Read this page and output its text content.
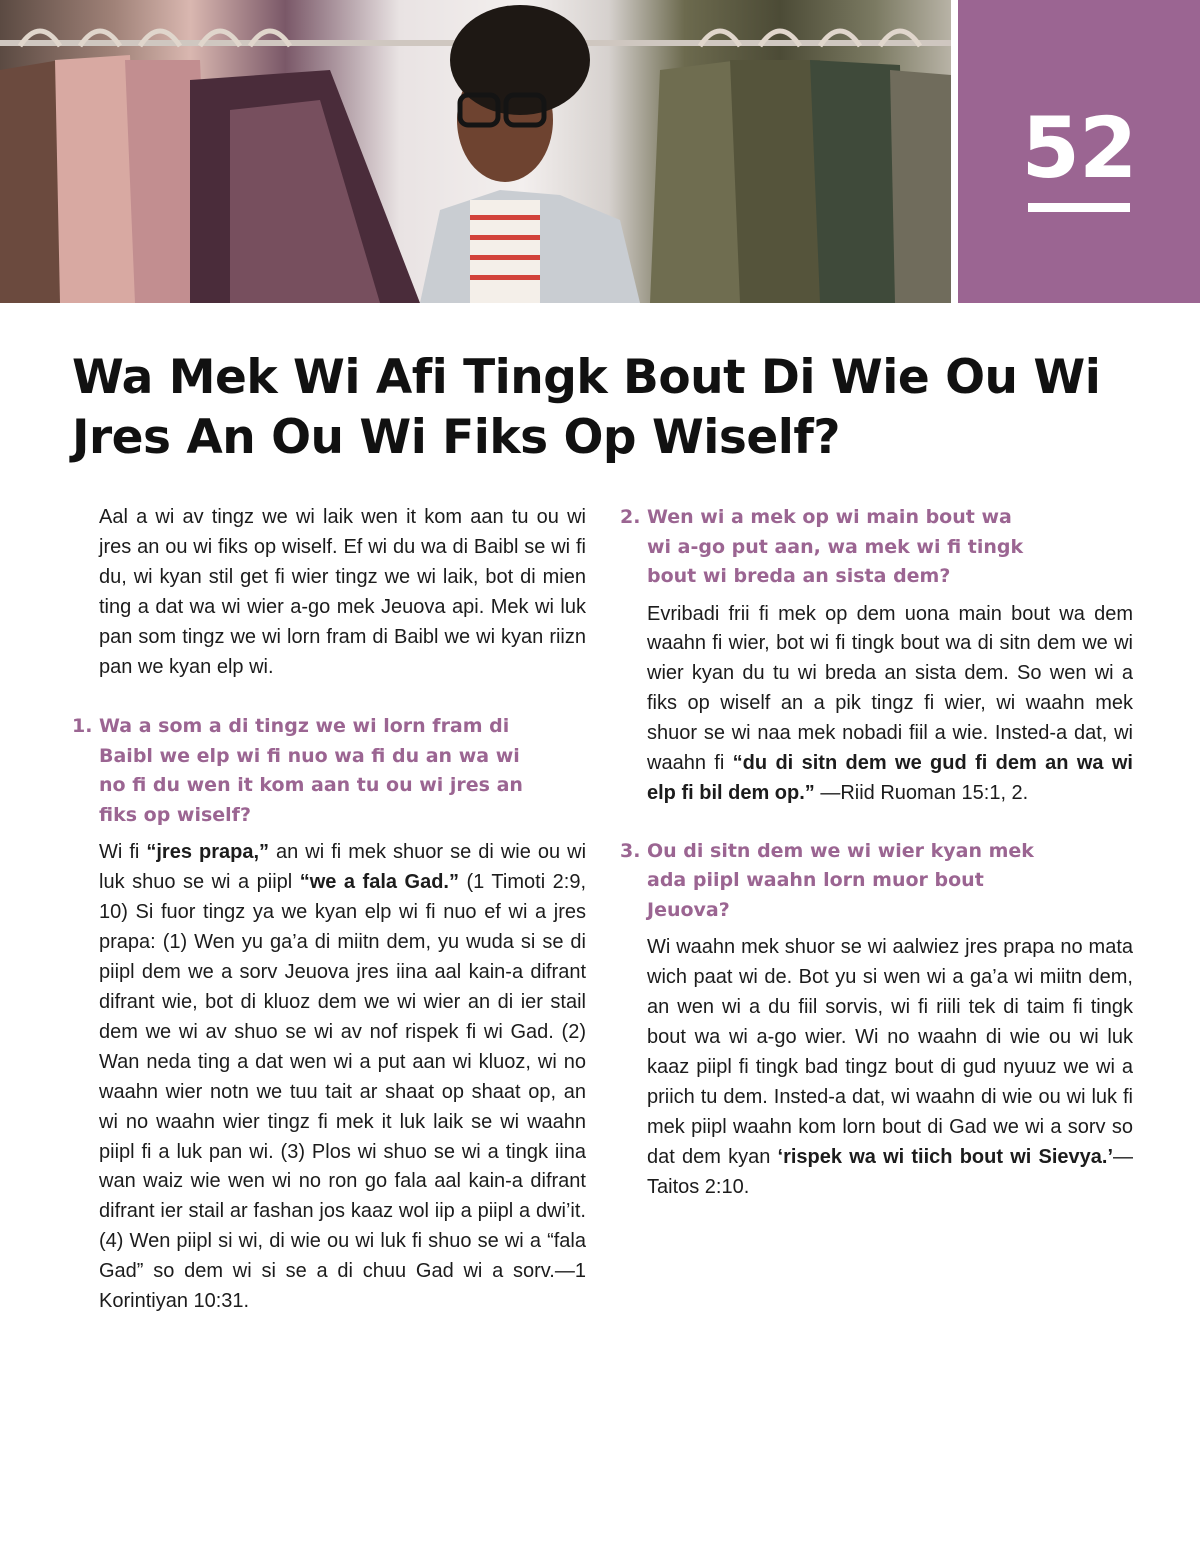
52
Wa Mek Wi Afi Tingk Bout Di Wie Ou Wi
Jres An Ou Wi Fiks Op Wiself?

Aal a wi av tingz we wi laik wen it kom aan tu ou wi jres an ou wi fiks op wiself. Ef wi du wa di Baibl se wi fi du, wi kyan stil get fi wier tingz we wi laik, bot di mien ting a dat wa wi wier a-go mek Jeuova api. Mek wi luk pan som tingz we wi lorn fram di Baibl we wi kyan riizn pan we kyan elp wi.

1. Wa a som a di tingz we wi lorn fram di Baibl we elp wi fi nuo wa fi du an wa wi no fi du wen it kom aan tu ou wi jres an fiks op wiself?

Wi fi “jres prapa,” an wi fi mek shuor se di wie ou wi luk shuo se wi a piipl “we a fala Gad.” (1 Timoti 2:9, 10) Si fuor tingz ya we kyan elp wi fi nuo ef wi a jres prapa: (1) Wen yu ga’a di miitn dem, yu wuda si se di piipl dem we a sorv Jeuova jres iina aal kain-a difrant difrant wie, bot di kluoz dem we wi wier an di ier stail dem we wi av shuo se wi av nof rispek fi wi Gad. (2) Wan neda ting a dat wen wi a put aan wi kluoz, wi no waahn wier notn we tuu tait ar shaat op shaat op, an wi no waahn wier tingz fi mek it luk laik se wi waahn piipl fi a luk pan wi. (3) Plos wi shuo se wi a tingk iina wan waiz wie wen wi no ron go fala aal kain-a difrant difrant ier stail ar fashan jos kaaz wol iip a piipl a dwi’it. (4) Wen piipl si wi, di wie ou wi luk fi shuo se wi a “fala Gad” so dem wi si se a di chuu Gad wi a sorv.—1 Korintiyan 10:31.

2. Wen wi a mek op wi main bout wa wi a-go put aan, wa mek wi fi tingk bout wi breda an sista dem?

Evribadi frii fi mek op dem uona main bout wa dem waahn fi wier, bot wi fi tingk bout wa di sitn dem we wi wier kyan du tu wi breda an sista dem. So wen wi a fiks op wiself an a pik tingz fi wier, wi waahn mek shuor se wi naa mek nobadi fiil a wie. Insted-a dat, wi waahn fi “du di sitn dem we gud fi dem an wa wi elp fi bil dem op.” —Riid Ruoman 15:1, 2.

3. Ou di sitn dem we wi wier kyan mek ada piipl waahn lorn muor bout Jeuova?

Wi waahn mek shuor se wi aalwiez jres prapa no mata wich paat wi de. Bot yu si wen wi a ga’a wi miitn dem, an wen wi a du fiil sorvis, wi fi riili tek di taim fi tingk bout wa wi a-go wier. Wi no waahn di wie ou wi luk kaaz piipl fi tingk bad tingz bout di gud nyuuz we wi a priich tu dem. Insted-a dat, wi waahn di wie ou wi luk fi mek piipl waahn kom lorn bout di Gad we wi a sorv so dat dem kyan ‘rispek wa wi tiich bout wi Sievya.’—Taitos 2:10.
